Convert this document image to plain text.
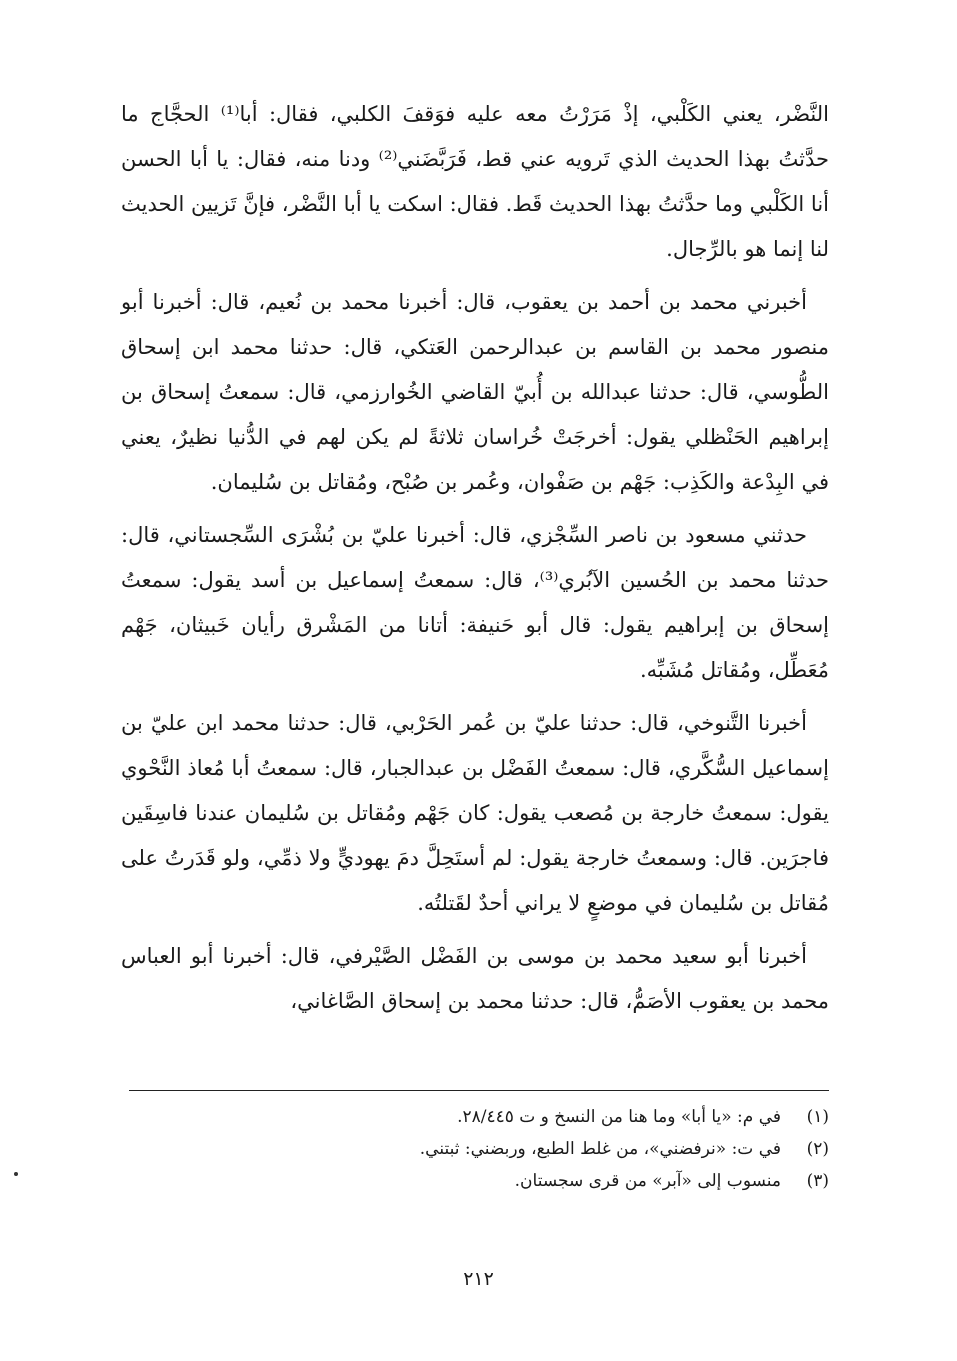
النَّضْر، يعني الكَلْبي، إذْ مَرَرْتُ معه عليه فوَقفَ الكلبي، فقال: أبا⁽¹⁾ الحجَّاج ما حدَّثتُ بهذا الحديث الذي تَرويه عني قط، فَرَبَّضَني⁽²⁾ ودنا منه، فقال: يا أبا الحسن أنا الكَلْبي وما حدَّثتُ بهذا الحديث قَط. فقال: اسكت يا أبا النَّضْر، فإنَّ تَزيين الحديث لنا إنما هو بالرِّجال.

أخبرني محمد بن أحمد بن يعقوب، قال: أخبرنا محمد بن نُعيم، قال: أخبرنا أبو منصور محمد بن القاسم بن عبدالرحمن العَتكي، قال: حدثنا محمد ابن إسحاق الطُّوسي، قال: حدثنا عبدالله بن أُبيّ القاضي الخُوارزمي، قال: سمعتُ إسحاق بن إبراهيم الحَنْظلي يقول: أخرجَتْ خُراسان ثلاثةً لم يكن لهم في الدُّنيا نظيرٌ، يعني في البِدْعة والكَذِب: جَهْم بن صَفْوان، وعُمر بن صُبْح، ومُقاتل بن سُليمان.

حدثني مسعود بن ناصر السِّجْزي، قال: أخبرنا عليّ بن بُشْرَى السِّجستاني، قال: حدثنا محمد بن الحُسين الآبُري⁽³⁾، قال: سمعتُ إسماعيل بن أسد يقول: سمعتُ إسحاق بن إبراهيم يقول: قال أبو حَنيفة: أتانا من المَشْرق رأيان خَبيثان، جَهْم مُعَطِّل، ومُقاتل مُشَبِّه.

أخبرنا التَّنوخي، قال: حدثنا عليّ بن عُمر الحَرْبي، قال: حدثنا محمد ابن عليّ بن إسماعيل السُّكَّري، قال: سمعتُ الفَضْل بن عبدالجبار، قال: سمعتُ أبا مُعاذ النَّحْوي يقول: سمعتُ خارجة بن مُصعب يقول: كان جَهْم ومُقاتل بن سُليمان عندنا فاسِقَين فاجرَين. قال: وسمعتُ خارجة يقول: لم أستَحِلَّ دمَ يهوديٍّ ولا ذمِّي، ولو قَدَرتُ على مُقاتل بن سُليمان في موضعٍ لا يراني أحدٌ لقَتلتُه.

أخبرنا أبو سعيد محمد بن موسى بن الفَضْل الصَّيْرفي، قال: أخبرنا أبو العباس محمد بن يعقوب الأصَمُّ، قال: حدثنا محمد بن إسحاق الصَّاغاني،

(١)
في م: «يا أبا» وما هنا من النسخ و ت ٢٨/٤٤٥.
(٢)
في ت: «نرفضني»، من غلط الطبع، وربضني: ثبتني.
(٣)
منسوب إلى «آبر» من قرى سجستان.
٢١٢
